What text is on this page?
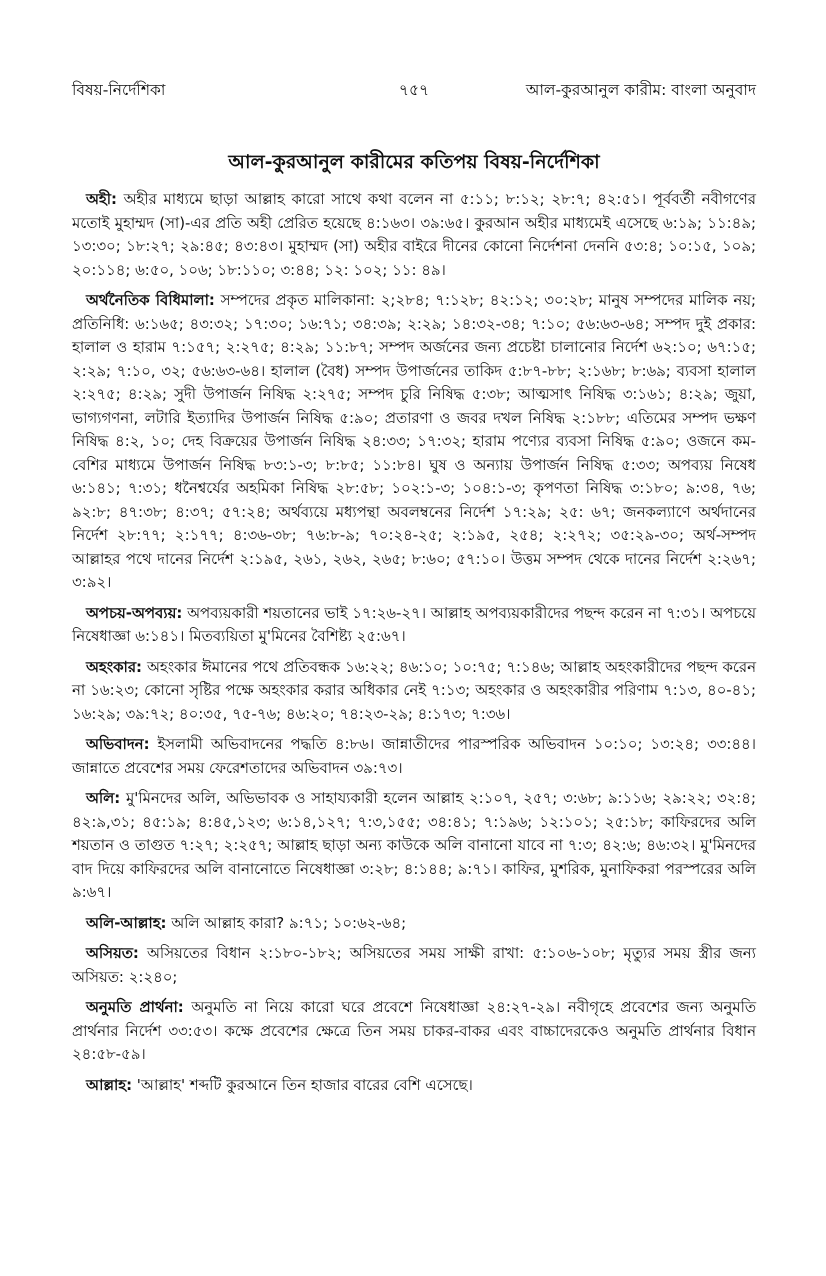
বিষয়-নির্দেশিকা	৭৫৭	আল-কুরআনুল কারীম: বাংলা অনুবাদ
আল-কুরআনুল কারীমের কতিপয় বিষয়-নির্দেশিকা

অহী: অহীর মাধ্যমে ছাড়া আল্লাহ কারো সাথে কথা বলেন না ৫:১১; ৮:১২; ২৮:৭; ৪২:৫১। পূর্ববর্তী নবীগণের মতোই মুহাম্মদ (সা)-এর প্রতি অহী প্রেরিত হয়েছে ৪:১৬৩। ৩৯:৬৫। কুরআন অহীর মাধ্যমেই এসেছে ৬:১৯; ১১:৪৯; ১৩:৩০; ১৮:২৭; ২৯:৪৫; ৪৩:৪৩। মুহাম্মদ (সা) অহীর বাইরে দীনের কোনো নির্দেশনা দেননি ৫৩:৪; ১০:১৫, ১০৯; ২০:১১৪; ৬:৫০, ১০৬; ১৮:১১০; ৩:৪৪; ১২: ১০২; ১১: ৪৯।

অর্থনৈতিক বিধিমালা: সম্পদের প্রকৃত মালিকানা: ২;২৮৪; ৭:১২৮; ৪২:১২; ৩০:২৮; মানুষ সম্পদের মালিক নয়; প্রতিনিধি: ৬:১৬৫; ৪৩:৩২; ১৭:৩০; ১৬:৭১; ৩৪:৩৯; ২:২৯; ১৪:৩২-৩৪; ৭:১০; ৫৬:৬৩-৬৪; সম্পদ দুই প্রকার: হালাল ও হারাম ৭:১৫৭; ২:২৭৫; ৪:২৯; ১১:৮৭; সম্পদ অর্জনের জন্য প্রচেষ্টা চালানোর নির্দেশ ৬২:১০; ৬৭:১৫; ২:২৯; ৭:১০, ৩২; ৫৬:৬৩-৬৪। হালাল (বৈধ) সম্পদ উপার্জনের তাকিদ ৫:৮৭-৮৮; ২:১৬৮; ৮:৬৯; ব্যবসা হালাল ২:২৭৫; ৪:২৯; সুদী উপার্জন নিষিদ্ধ ২:২৭৫; সম্পদ চুরি নিষিদ্ধ ৫:৩৮; আত্মসাৎ নিষিদ্ধ ৩:১৬১; ৪:২৯; জুয়া, ভাগ্যগণনা, লটারি ইত্যাদির উপার্জন নিষিদ্ধ ৫:৯০; প্রতারণা ও জবর দখল নিষিদ্ধ ২:১৮৮; এতিমের সম্পদ ভক্ষণ নিষিদ্ধ ৪:২, ১০; দেহ বিক্রয়ের উপার্জন নিষিদ্ধ ২৪:৩৩; ১৭:৩২; হারাম পণ্যের ব্যবসা নিষিদ্ধ ৫:৯০; ওজনে কম-বেশির মাধ্যমে উপার্জন নিষিদ্ধ ৮৩:১-৩; ৮:৮৫; ১১:৮৪। ঘুষ ও অন্যায় উপার্জন নিষিদ্ধ ৫:৩৩; অপব্যয় নিষেধ ৬:১৪১; ৭:৩১; ধনৈশ্বর্যের অহমিকা নিষিদ্ধ ২৮:৫৮; ১০২:১-৩; ১০৪:১-৩; কৃপণতা নিষিদ্ধ ৩:১৮০; ৯:৩৪, ৭৬; ৯২:৮; ৪৭:৩৮; ৪:৩৭; ৫৭:২৪; অর্থব্যয়ে মধ্যপন্থা অবলম্বনের নির্দেশ ১৭:২৯; ২৫: ৬৭; জনকল্যাণে অর্থদানের নির্দেশ ২৮:৭৭; ২:১৭৭; ৪:৩৬-৩৮; ৭৬:৮-৯; ৭০:২৪-২৫; ২:১৯৫, ২৫৪; ২:২৭২; ৩৫:২৯-৩০; অর্থ-সম্পদ আল্লাহর পথে দানের নির্দেশ ২:১৯৫, ২৬১, ২৬২, ২৬৫; ৮:৬০; ৫৭:১০। উত্তম সম্পদ থেকে দানের নির্দেশ ২:২৬৭; ৩:৯২।

অপচয়-অপব্যয়: অপব্যয়কারী শয়তানের ভাই ১৭:২৬-২৭। আল্লাহ অপব্যয়কারীদের পছন্দ করেন না ৭:৩১। অপচয়ে নিষেধাজ্ঞা ৬:১৪১। মিতব্যয়িতা মু'মিনের বৈশিষ্ট্য ২৫:৬৭।

অহংকার: অহংকার ঈমানের পথে প্রতিবন্ধক ১৬:২২; ৪৬:১০; ১০:৭৫; ৭:১৪৬; আল্লাহ অহংকারীদের পছন্দ করেন না ১৬:২৩; কোনো সৃষ্টির পক্ষে অহংকার করার অধিকার নেই ৭:১৩; অহংকার ও অহংকারীর পরিণাম ৭:১৩, ৪০-৪১; ১৬:২৯; ৩৯:৭২; ৪০:৩৫, ৭৫-৭৬; ৪৬:২০; ৭৪:২৩-২৯; ৪:১৭৩; ৭:৩৬।

অভিবাদন: ইসলামী অভিবাদনের পদ্ধতি ৪:৮৬। জান্নাতীদের পারস্পরিক অভিবাদন ১০:১০; ১৩:২৪; ৩৩:৪৪। জান্নাতে প্রবেশের সময় ফেরেশতাদের অভিবাদন ৩৯:৭৩।

অলি: মু'মিনদের অলি, অভিভাবক ও সাহায্যকারী হলেন আল্লাহ ২:১০৭, ২৫৭; ৩:৬৮; ৯:১১৬; ২৯:২২; ৩২:৪; ৪২:৯,৩১; ৪৫:১৯; ৪:৪৫,১২৩; ৬:১৪,১২৭; ৭:৩,১৫৫; ৩৪:৪১; ৭:১৯৬; ১২:১০১; ২৫:১৮; কাফিরদের অলি শয়তান ও তাগুত ৭:২৭; ২:২৫৭; আল্লাহ ছাড়া অন্য কাউকে অলি বানানো যাবে না ৭:৩; ৪২:৬; ৪৬:৩২। মু'মিনদের বাদ দিয়ে কাফিরদের অলি বানানোতে নিষেধাজ্ঞা ৩:২৮; ৪:১৪৪; ৯:৭১। কাফির, মুশরিক, মুনাফিকরা পরস্পরের অলি ৯:৬৭।

অলি-আল্লাহ: অলি আল্লাহ কারা? ৯:৭১; ১০:৬২-৬৪;

অসিয়ত: অসিয়তের বিধান ২:১৮০-১৮২; অসিয়তের সময় সাক্ষী রাখা: ৫:১০৬-১০৮; মৃত্যুর সময় স্ত্রীর জন্য অসিয়ত: ২:২৪০;

অনুমতি প্রার্থনা: অনুমতি না নিয়ে কারো ঘরে প্রবেশে নিষেধাজ্ঞা ২৪:২৭-২৯। নবীগৃহে প্রবেশের জন্য অনুমতি প্রার্থনার নির্দেশ ৩৩:৫৩। কক্ষে প্রবেশের ক্ষেত্রে তিন সময় চাকর-বাকর এবং বাচ্চাদেরকেও অনুমতি প্রার্থনার বিধান ২৪:৫৮-৫৯।

আল্লাহ: 'আল্লাহ' শব্দটি কুরআনে তিন হাজার বারের বেশি এসেছে।
